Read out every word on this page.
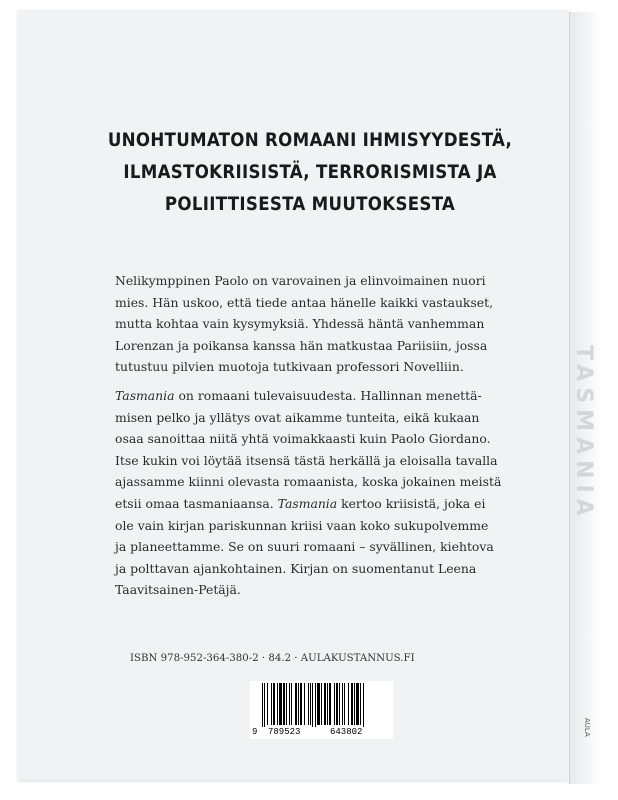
TASMANIA
AULA
UNOHTUMATON ROMAANI IHMISYYDESTÄ,
ILMASTOKRIISISTÄ, TERRORISMISTA JA
POLIITTISESTA MUUTOKSESTA
Nelikymppinen Paolo on varovainen ja elinvoimainen nuori
mies. Hän uskoo, että tiede antaa hänelle kaikki vastaukset,
mutta kohtaa vain kysymyksiä. Yhdessä häntä vanhemman
Lorenzan ja poikansa kanssa hän matkustaa Pariisiin, jossa
tutustuu pilvien muotoja tutkivaan professori Novelliin.
Tasmania on romaani tulevaisuudesta. Hallinnan menettä-
misen pelko ja yllätys ovat aikamme tunteita, eikä kukaan
osaa sanoittaa niitä yhtä voimakkaasti kuin Paolo Giordano.
Itse kukin voi löytää itsensä tästä herkällä ja eloisalla tavalla
ajassamme kiinni olevasta romaanista, koska jokainen meistä
etsii omaa tasmaniaansa. Tasmania kertoo kriisistä, joka ei
ole vain kirjan pariskunnan kriisi vaan koko sukupolvemme
ja planeettamme. Se on suuri romaani – syvällinen, kiehtova
ja polttavan ajankohtainen. Kirjan on suomentanut Leena
Taavitsainen-Petäjä.
ISBN 978-952-364-380-2 · 84.2 · AULAKUSTANNUS.FI
9 789523	643802
